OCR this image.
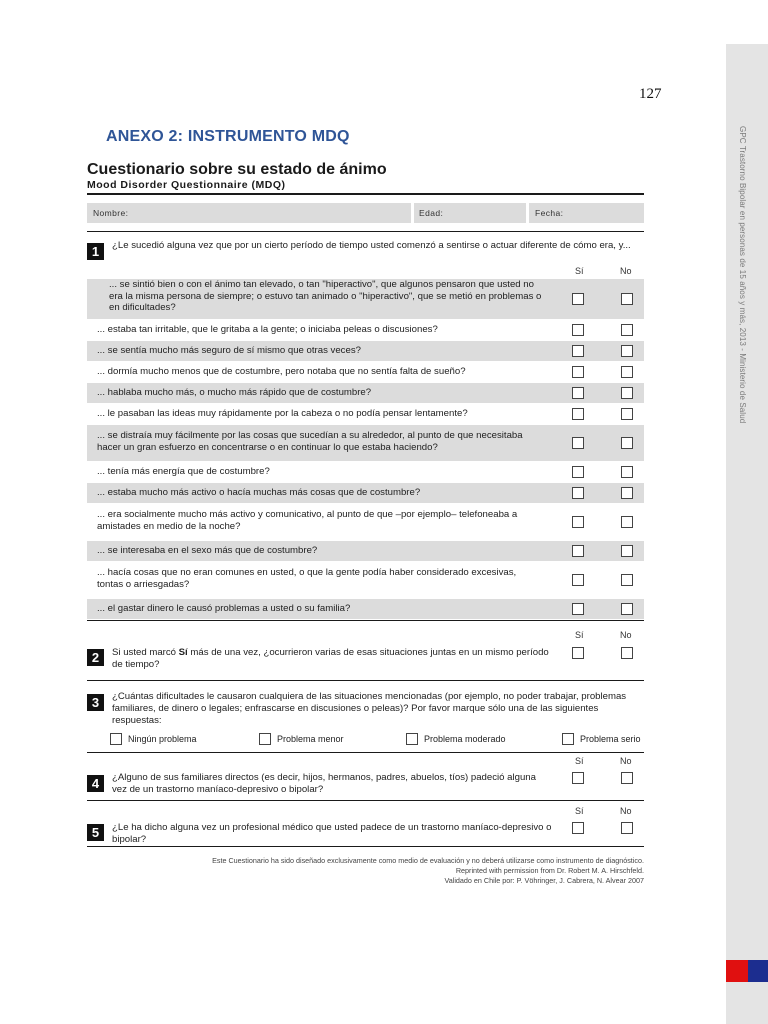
GPC Trastorno Bipolar en personas de 15 años y más, 2013 - Ministerio de Salud
127
ANEXO 2: INSTRUMENTO MDQ
Cuestionario sobre su estado de ánimo
Mood Disorder Questionnaire (MDQ)
Nombre:	Edad:	Fecha:
1	¿Le sucedió alguna vez que por un cierto período de tiempo usted comenzó a sentirse o actuar diferente de cómo era, y...
Sí	No
... se sintió bien o con el ánimo tan elevado, o tan "hiperactivo", que algunos pensaron que usted no era la misma persona de siempre; o estuvo tan animado o "hiperactivo", que se metió en problemas o en dificultades?
... estaba tan irritable, que le gritaba a la gente; o iniciaba peleas o discusiones?
... se sentía mucho más seguro de sí mismo que otras veces?
... dormía mucho menos que de costumbre, pero notaba que no sentía falta de sueño?
... hablaba mucho más, o mucho más rápido que de costumbre?
... le pasaban las ideas muy rápidamente por la cabeza o no podía pensar lentamente?
... se distraía muy fácilmente por las cosas que sucedían a su alrededor, al punto de que necesitaba hacer un gran esfuerzo en concentrarse o en continuar lo que estaba haciendo?
... tenía más energía que de costumbre?
... estaba mucho más activo o hacía muchas más cosas que de costumbre?
... era socialmente mucho más activo y comunicativo, al punto de que –por ejemplo– telefoneaba a amistades en medio de la noche?
... se interesaba en el sexo más que de costumbre?
... hacía cosas que no eran comunes en usted, o que la gente podía haber considerado excesivas, tontas o arriesgadas?
... el gastar dinero le causó problemas a usted o su familia?
Sí	No
2	Si usted marcó Sí más de una vez, ¿ocurrieron varias de esas situaciones juntas en un mismo período de tiempo?
3	¿Cuántas dificultades le causaron cualquiera de las situaciones mencionadas (por ejemplo, no poder trabajar, problemas familiares, de dinero o legales; enfrascarse en discusiones o peleas)? Por favor marque sólo una de las siguientes respuestas:
Ningún problema	Problema menor	Problema moderado	Problema serio
Sí	No
4	¿Alguno de sus familiares directos (es decir, hijos, hermanos, padres, abuelos, tíos) padeció alguna vez de un trastorno maníaco-depresivo o bipolar?
Sí	No
5	¿Le ha dicho alguna vez un profesional médico que usted padece de un trastorno maníaco-depresivo o bipolar?
Este Cuestionario ha sido diseñado exclusivamente como medio de evaluación y no deberá utilizarse como instrumento de diagnóstico.
Reprinted with permission from Dr. Robert M. A. Hirschfeld.
Validado en Chile por: P. Vöhringer, J. Cabrera, N. Alvear 2007
